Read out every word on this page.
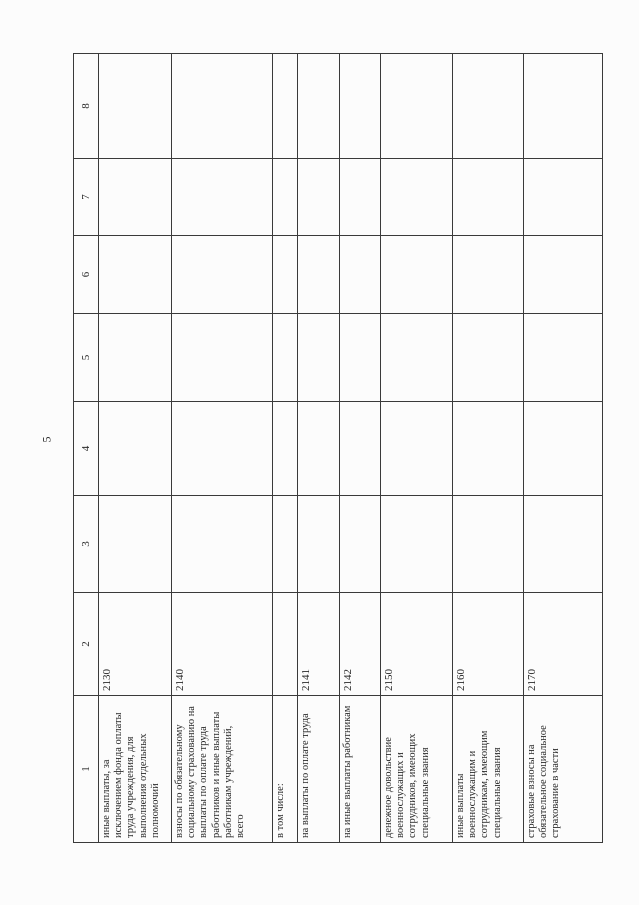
5
1	2	3	4	5	6	7	8
иные выплаты, за исключением фонда оплаты труда учреждения, для выполнения отдельных полномочий	2130						
взносы по обязательному социальному страхованию на выплаты по оплате труда работников и иные выплаты работникам учреждений, всего	2140						
в том числе:							
на выплаты по оплате труда	2141						
на иные выплаты работникам	2142						
денежное довольствие военнослужащих и сотрудников, имеющих специальные звания	2150						
иные выплаты военнослужащим и сотрудникам, имеющим специальные звания	2160						
страховые взносы на обязательное социальное страхование в части	2170						
